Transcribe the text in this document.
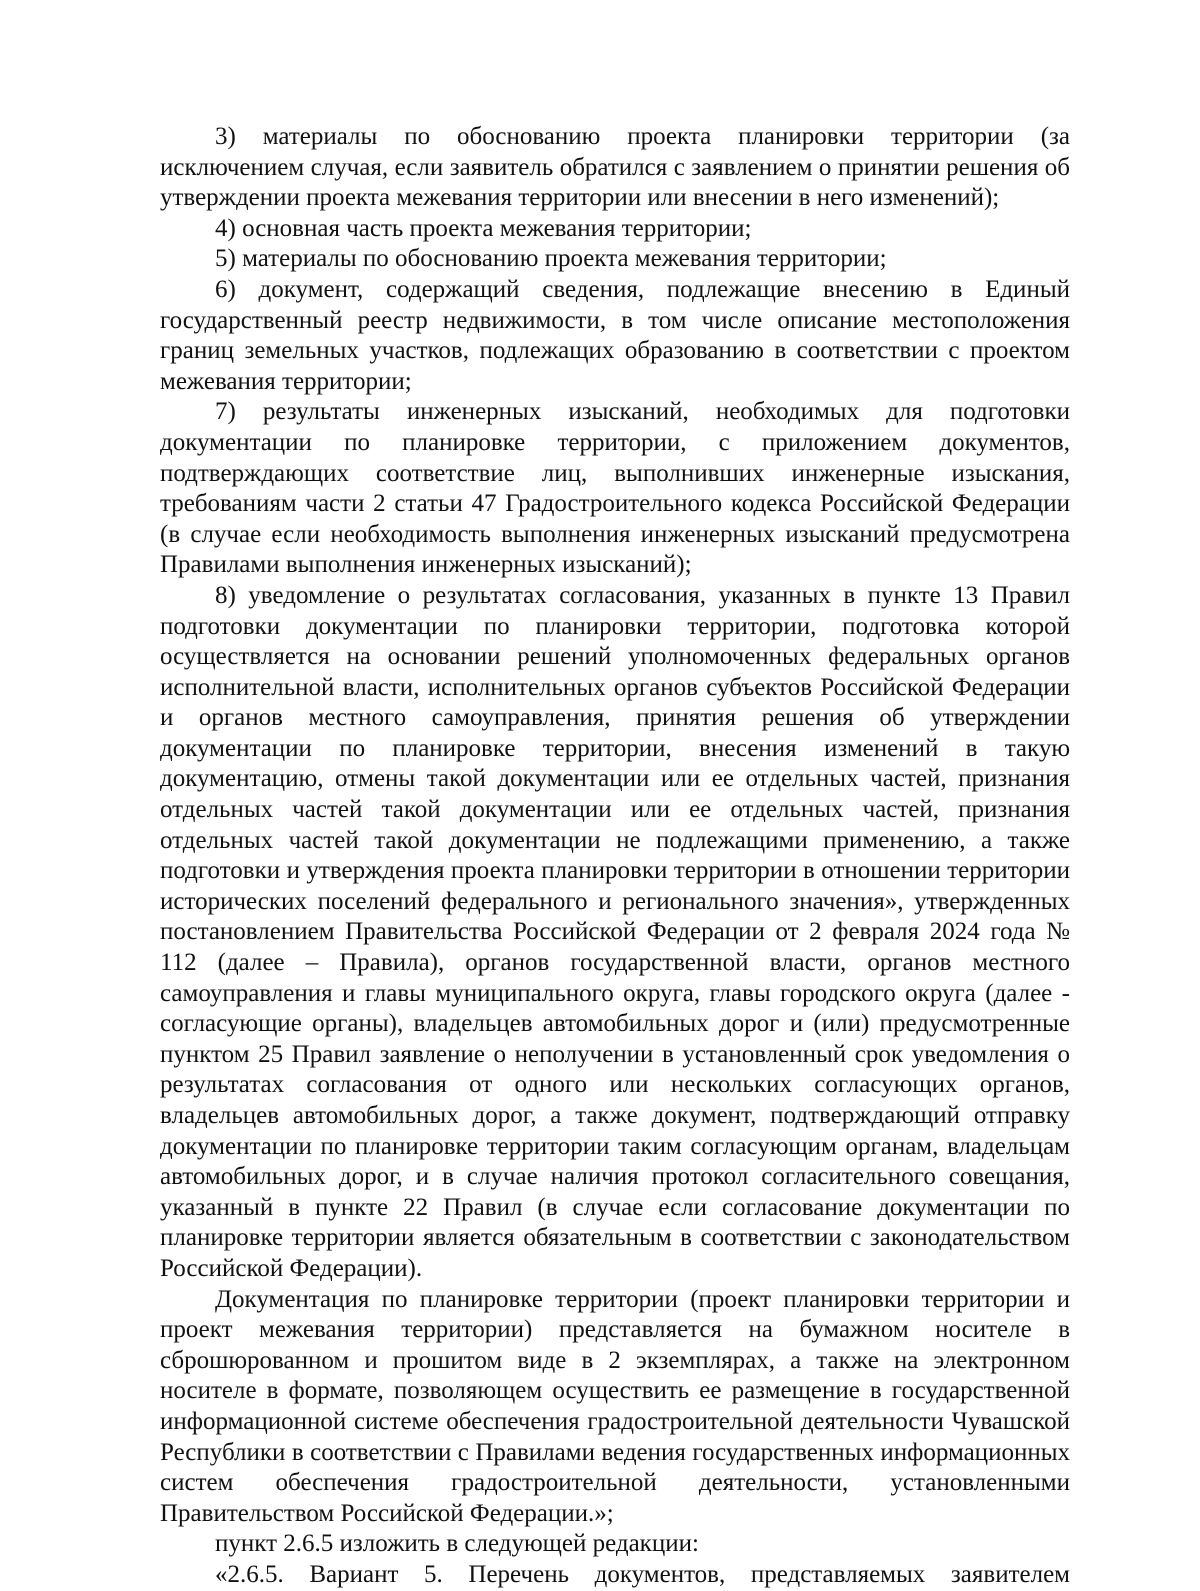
3) материалы по обоснованию проекта планировки территории (за исключением случая, если заявитель обратился с заявлением о принятии решения об утверждении проекта межевания территории или внесении в него изменений);

4) основная часть проекта межевания территории;

5) материалы по обоснованию проекта межевания территории;

6) документ, содержащий сведения, подлежащие внесению в Единый государственный реестр недвижимости, в том числе описание местоположения границ земельных участков, подлежащих образованию в соответствии с проектом межевания территории;

7) результаты инженерных изысканий, необходимых для подготовки документации по планировке территории, с приложением документов, подтверждающих соответствие лиц, выполнивших инженерные изыскания, требованиям части 2 статьи 47 Градостроительного кодекса Российской Федерации (в случае если необходимость выполнения инженерных изысканий предусмотрена Правилами выполнения инженерных изысканий);

8) уведомление о результатах согласования, указанных в пункте 13 Правил подготовки документации по планировки территории, подготовка которой осуществляется на основании решений уполномоченных федеральных органов исполнительной власти, исполнительных органов субъектов Российской Федерации и органов местного самоуправления, принятия решения об утверждении документации по планировке территории, внесения изменений в такую документацию, отмены такой документации или ее отдельных частей, признания отдельных частей такой документации или ее отдельных частей, признания отдельных частей такой документации не подлежащими применению, а также подготовки и утверждения проекта планировки территории в отношении территории исторических поселений федерального и регионального значения», утвержденных постановлением Правительства Российской Федерации от 2 февраля 2024 года № 112 (далее – Правила), органов государственной власти, органов местного самоуправления и главы муниципального округа, главы городского округа (далее - согласующие органы), владельцев автомобильных дорог и (или) предусмотренные пунктом 25 Правил заявление о неполучении в установленный срок уведомления о результатах согласования от одного или нескольких согласующих органов, владельцев автомобильных дорог, а также документ, подтверждающий отправку документации по планировке территории таким согласующим органам, владельцам автомобильных дорог, и в случае наличия протокол согласительного совещания, указанный в пункте 22 Правил (в случае если согласование документации по планировке территории является обязательным в соответствии с законодательством Российской Федерации).

Документация по планировке территории (проект планировки территории и проект межевания территории) представляется на бумажном носителе в сброшюрованном и прошитом виде в 2 экземплярах, а также на электронном носителе в формате, позволяющем осуществить ее размещение в государственной информационной системе обеспечения градостроительной деятельности Чувашской Республики в соответствии с Правилами ведения государственных информационных систем обеспечения градостроительной деятельности, установленными Правительством Российской Федерации.»;

пункт 2.6.5 изложить в следующей редакции:

«2.6.5. Вариант 5. Перечень документов, представляемых заявителем
